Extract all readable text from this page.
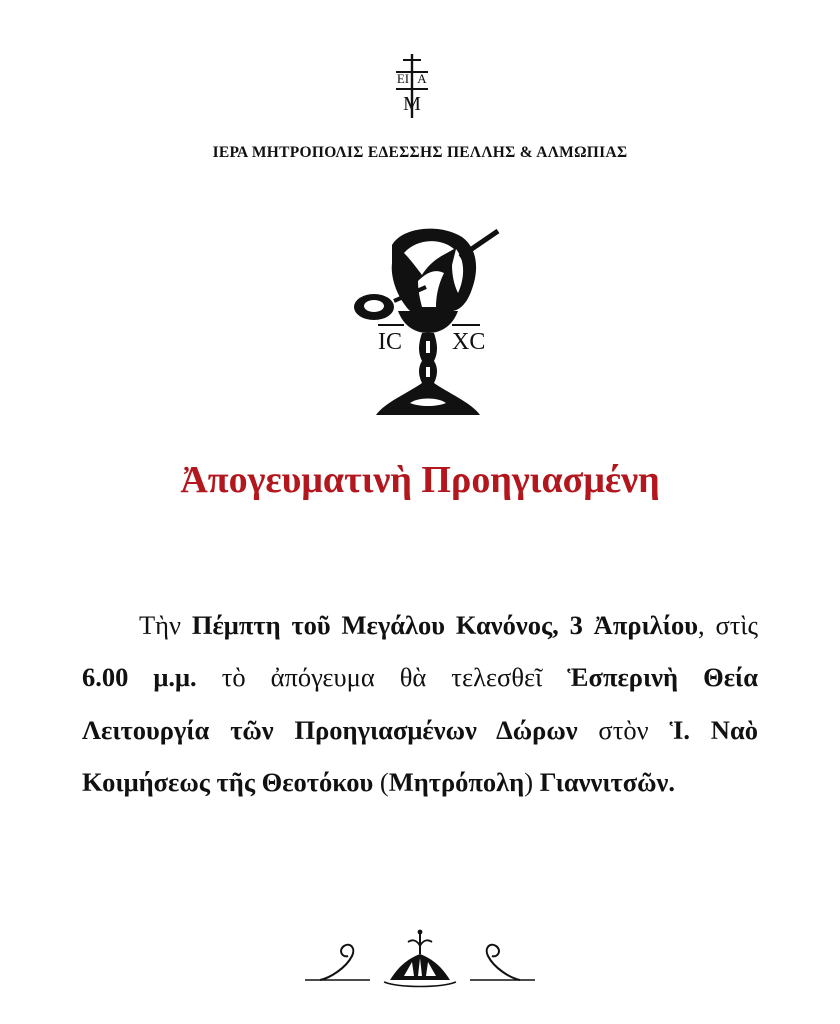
ΕΙ Α
Μ
ΙΕΡΑ ΜΗΤΡΟΠΟΛΙΣ ΕΔΕΣΣΗΣ ΠΕΛΛΗΣ & ΑΛΜΩΠΙΑΣ
IC XC
Ἀπογευματινὴ Προηγιασμένη

Τὴν Πέμπτη τοῦ Μεγάλου Κανόνος, 3 Ἀπριλίου, στὶς 6.00 μ.μ. τὸ ἀπόγευμα θὰ τελεσθεῖ Ἑσπερινὴ Θεία Λειτουργία τῶν Προηγιασμένων Δώρων στὸν Ἱ. Ναὸ Κοιμήσεως τῆς Θεοτόκου (Μητρόπολη) Γιαννιτσῶν.
